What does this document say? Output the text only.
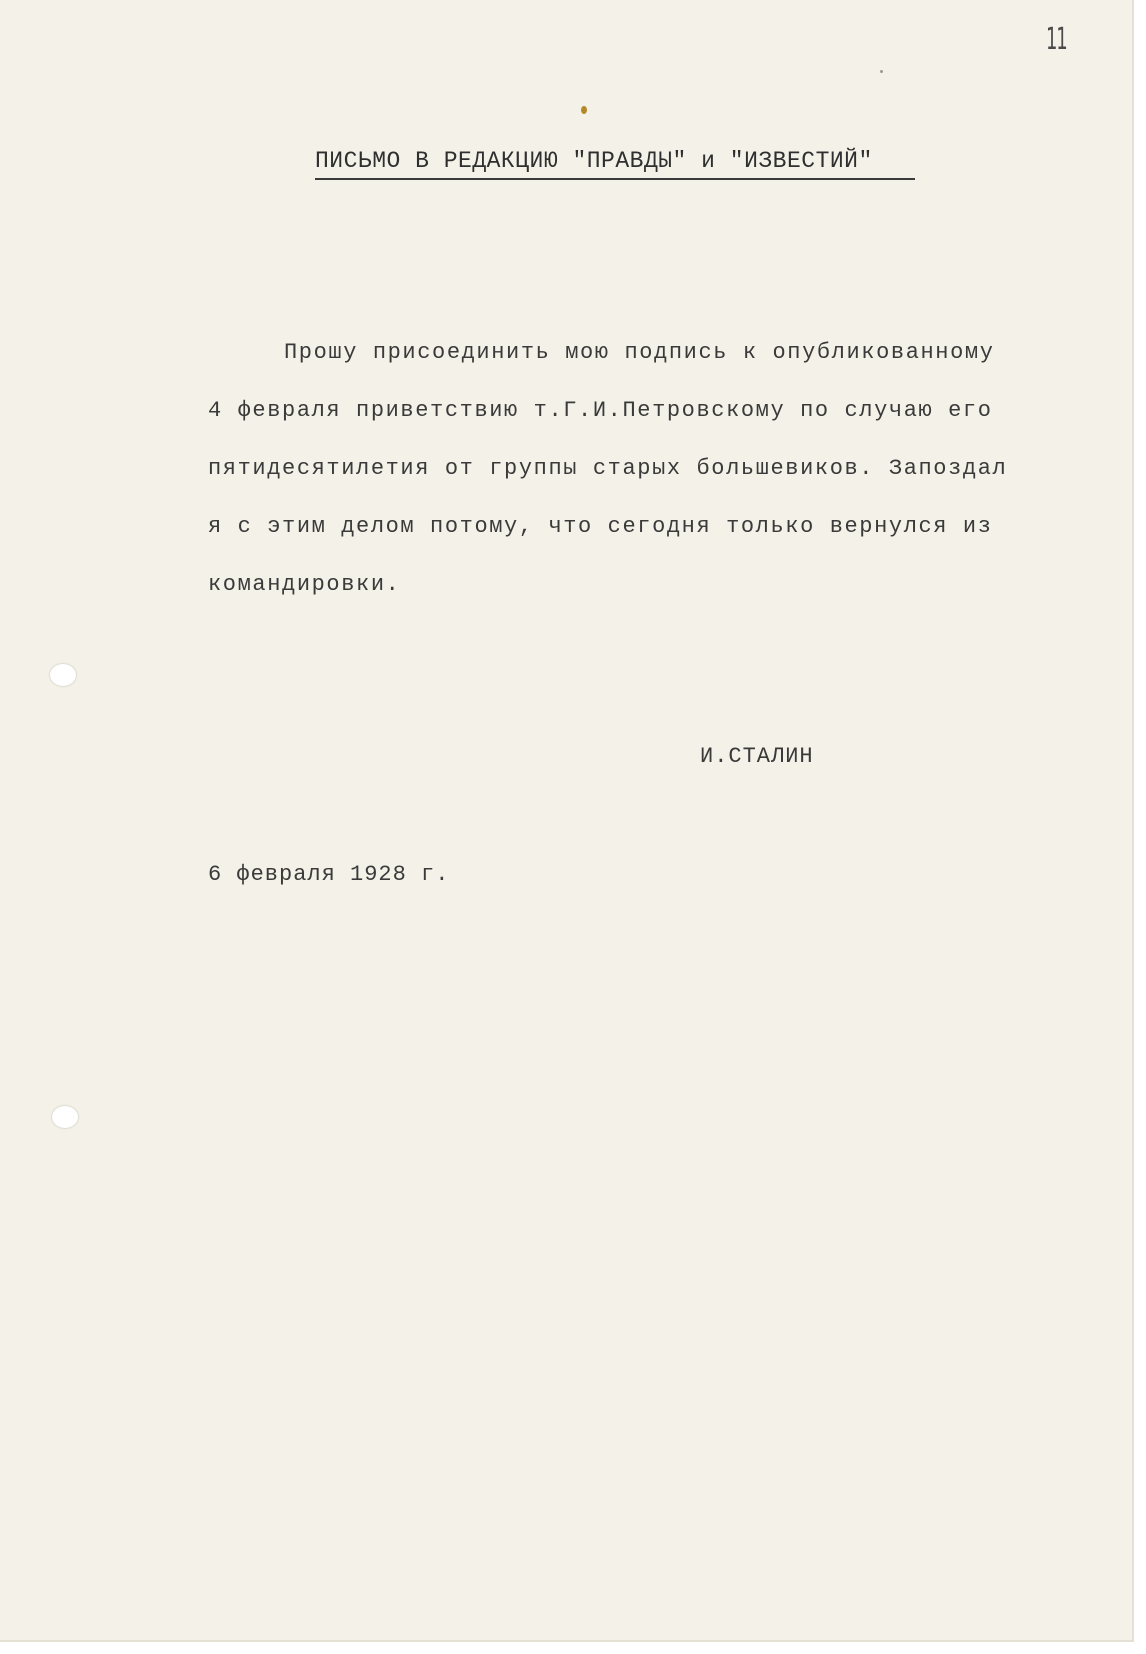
11
ПИСЬМО В РЕДАКЦИЮ "ПРАВДЫ" и "ИЗВЕСТИЙ"
Прошу присоединить мою подпись к опубликованному
4 февраля приветствию т.Г.И.Петровскому по случаю его
пятидесятилетия от группы старых большевиков. Запоздал
я с этим делом потому, что сегодня только вернулся из
командировки.
И.СТАЛИН
6 февраля 1928 г.
